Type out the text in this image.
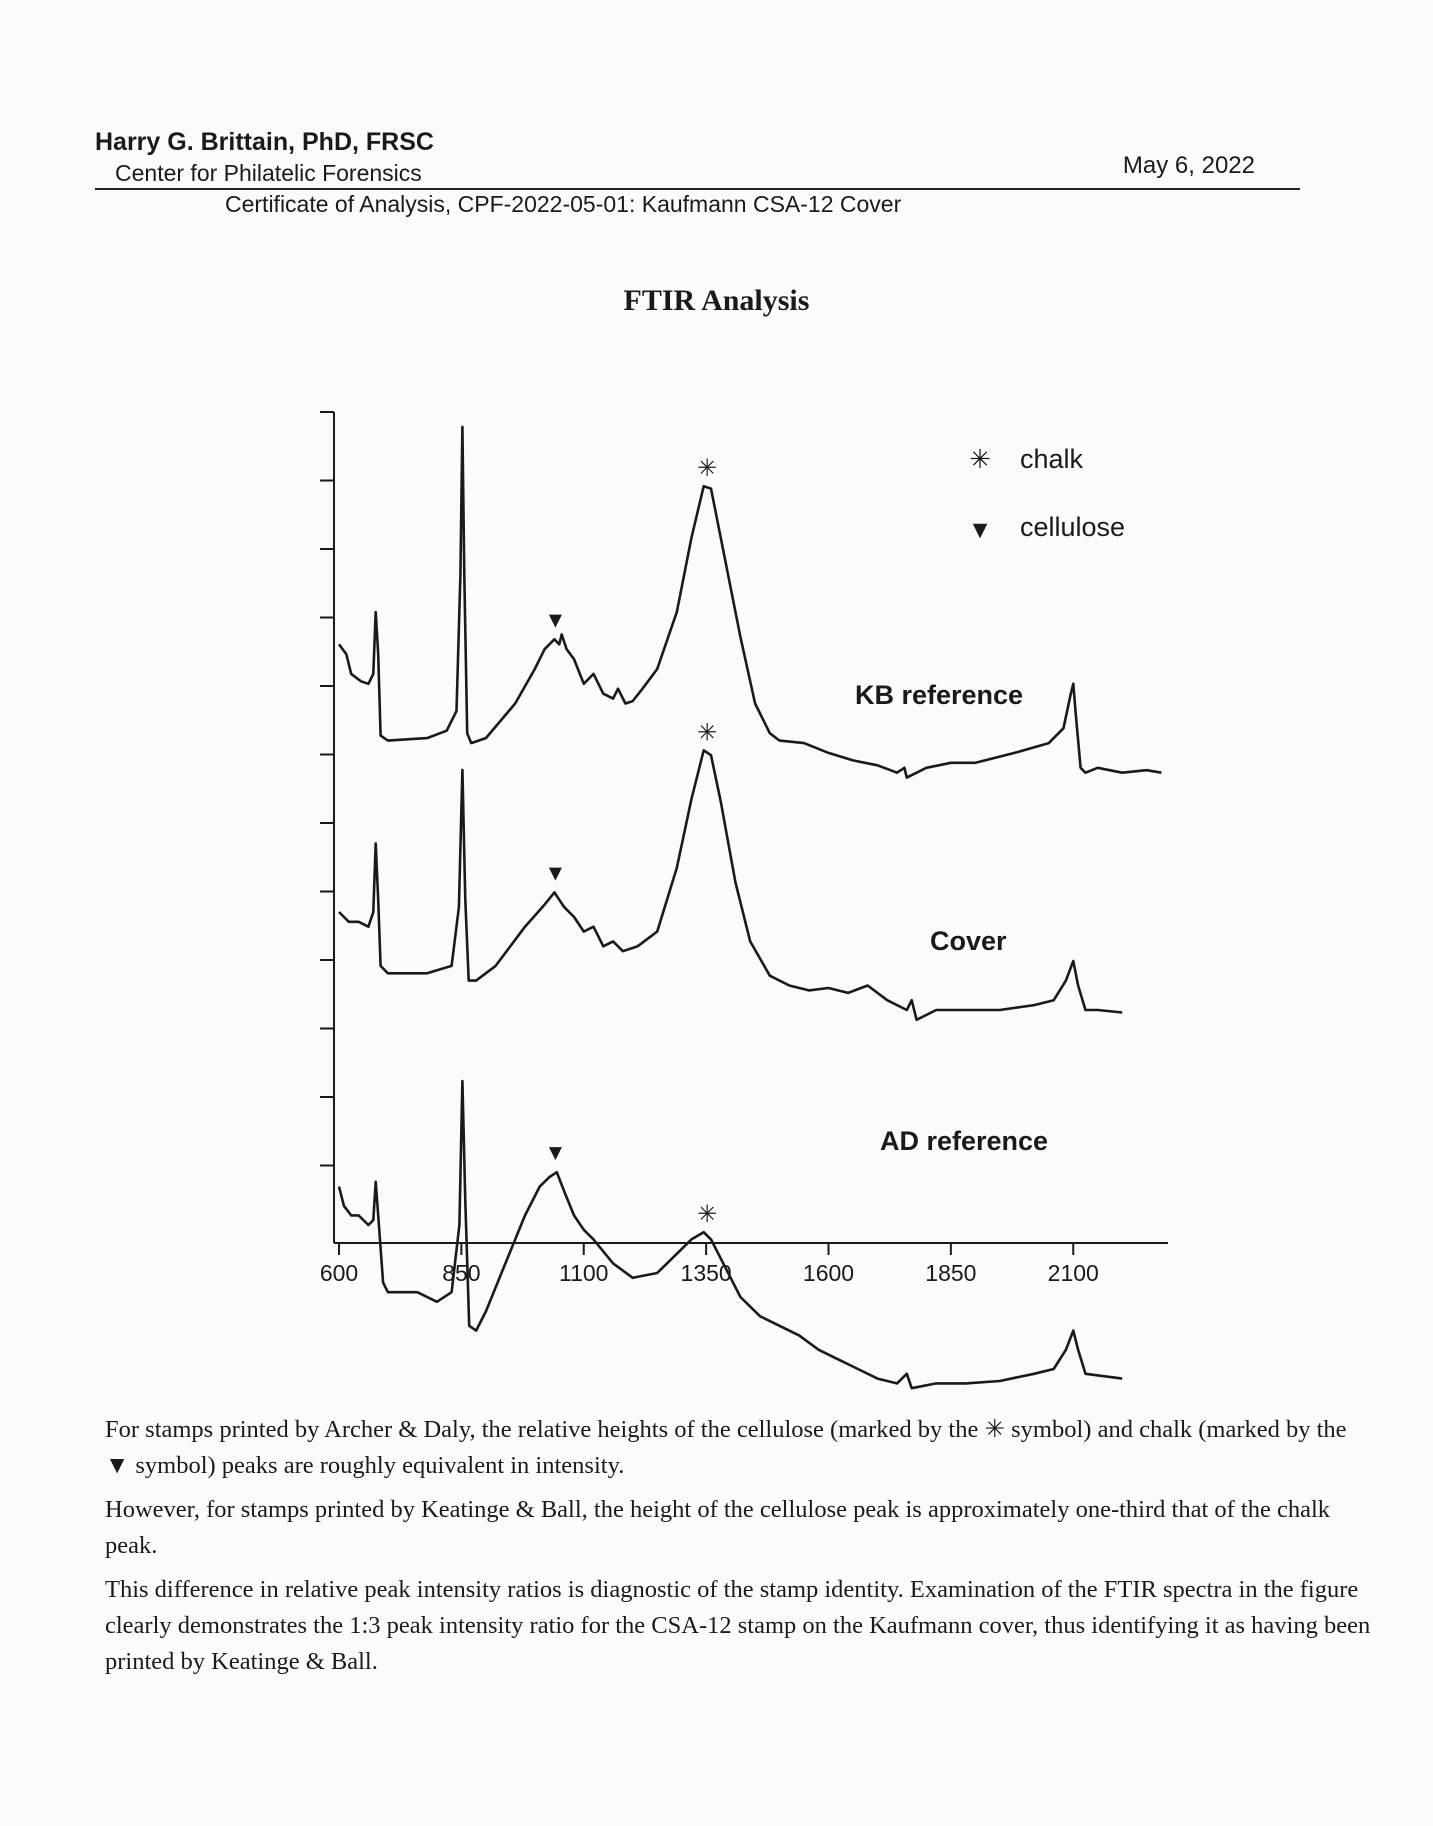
Harry G. Brittain, PhD, FRSC
Center for Philatelic Forensics	May 6, 2022
Certificate of Analysis, CPF-2022-05-01: Kaufmann CSA-12 Cover
FTIR Analysis
600	850	1100	1350	1600	1850	2100
KB reference
Cover
AD reference
✳
▼
✳
▼
✳
▼
✳ chalk
▼ cellulose
For stamps printed by Archer & Daly, the relative heights of the cellulose (marked by the ✳ symbol) and chalk (marked by the ▼ symbol) peaks are roughly equivalent in intensity.
However, for stamps printed by Keatinge & Ball, the height of the cellulose peak is approximately one-third that of the chalk peak.
This difference in relative peak intensity ratios is diagnostic of the stamp identity. Examination of the FTIR spectra in the figure clearly demonstrates the 1:3 peak intensity ratio for the CSA-12 stamp on the Kaufmann cover, thus identifying it as having been printed by Keatinge & Ball.
